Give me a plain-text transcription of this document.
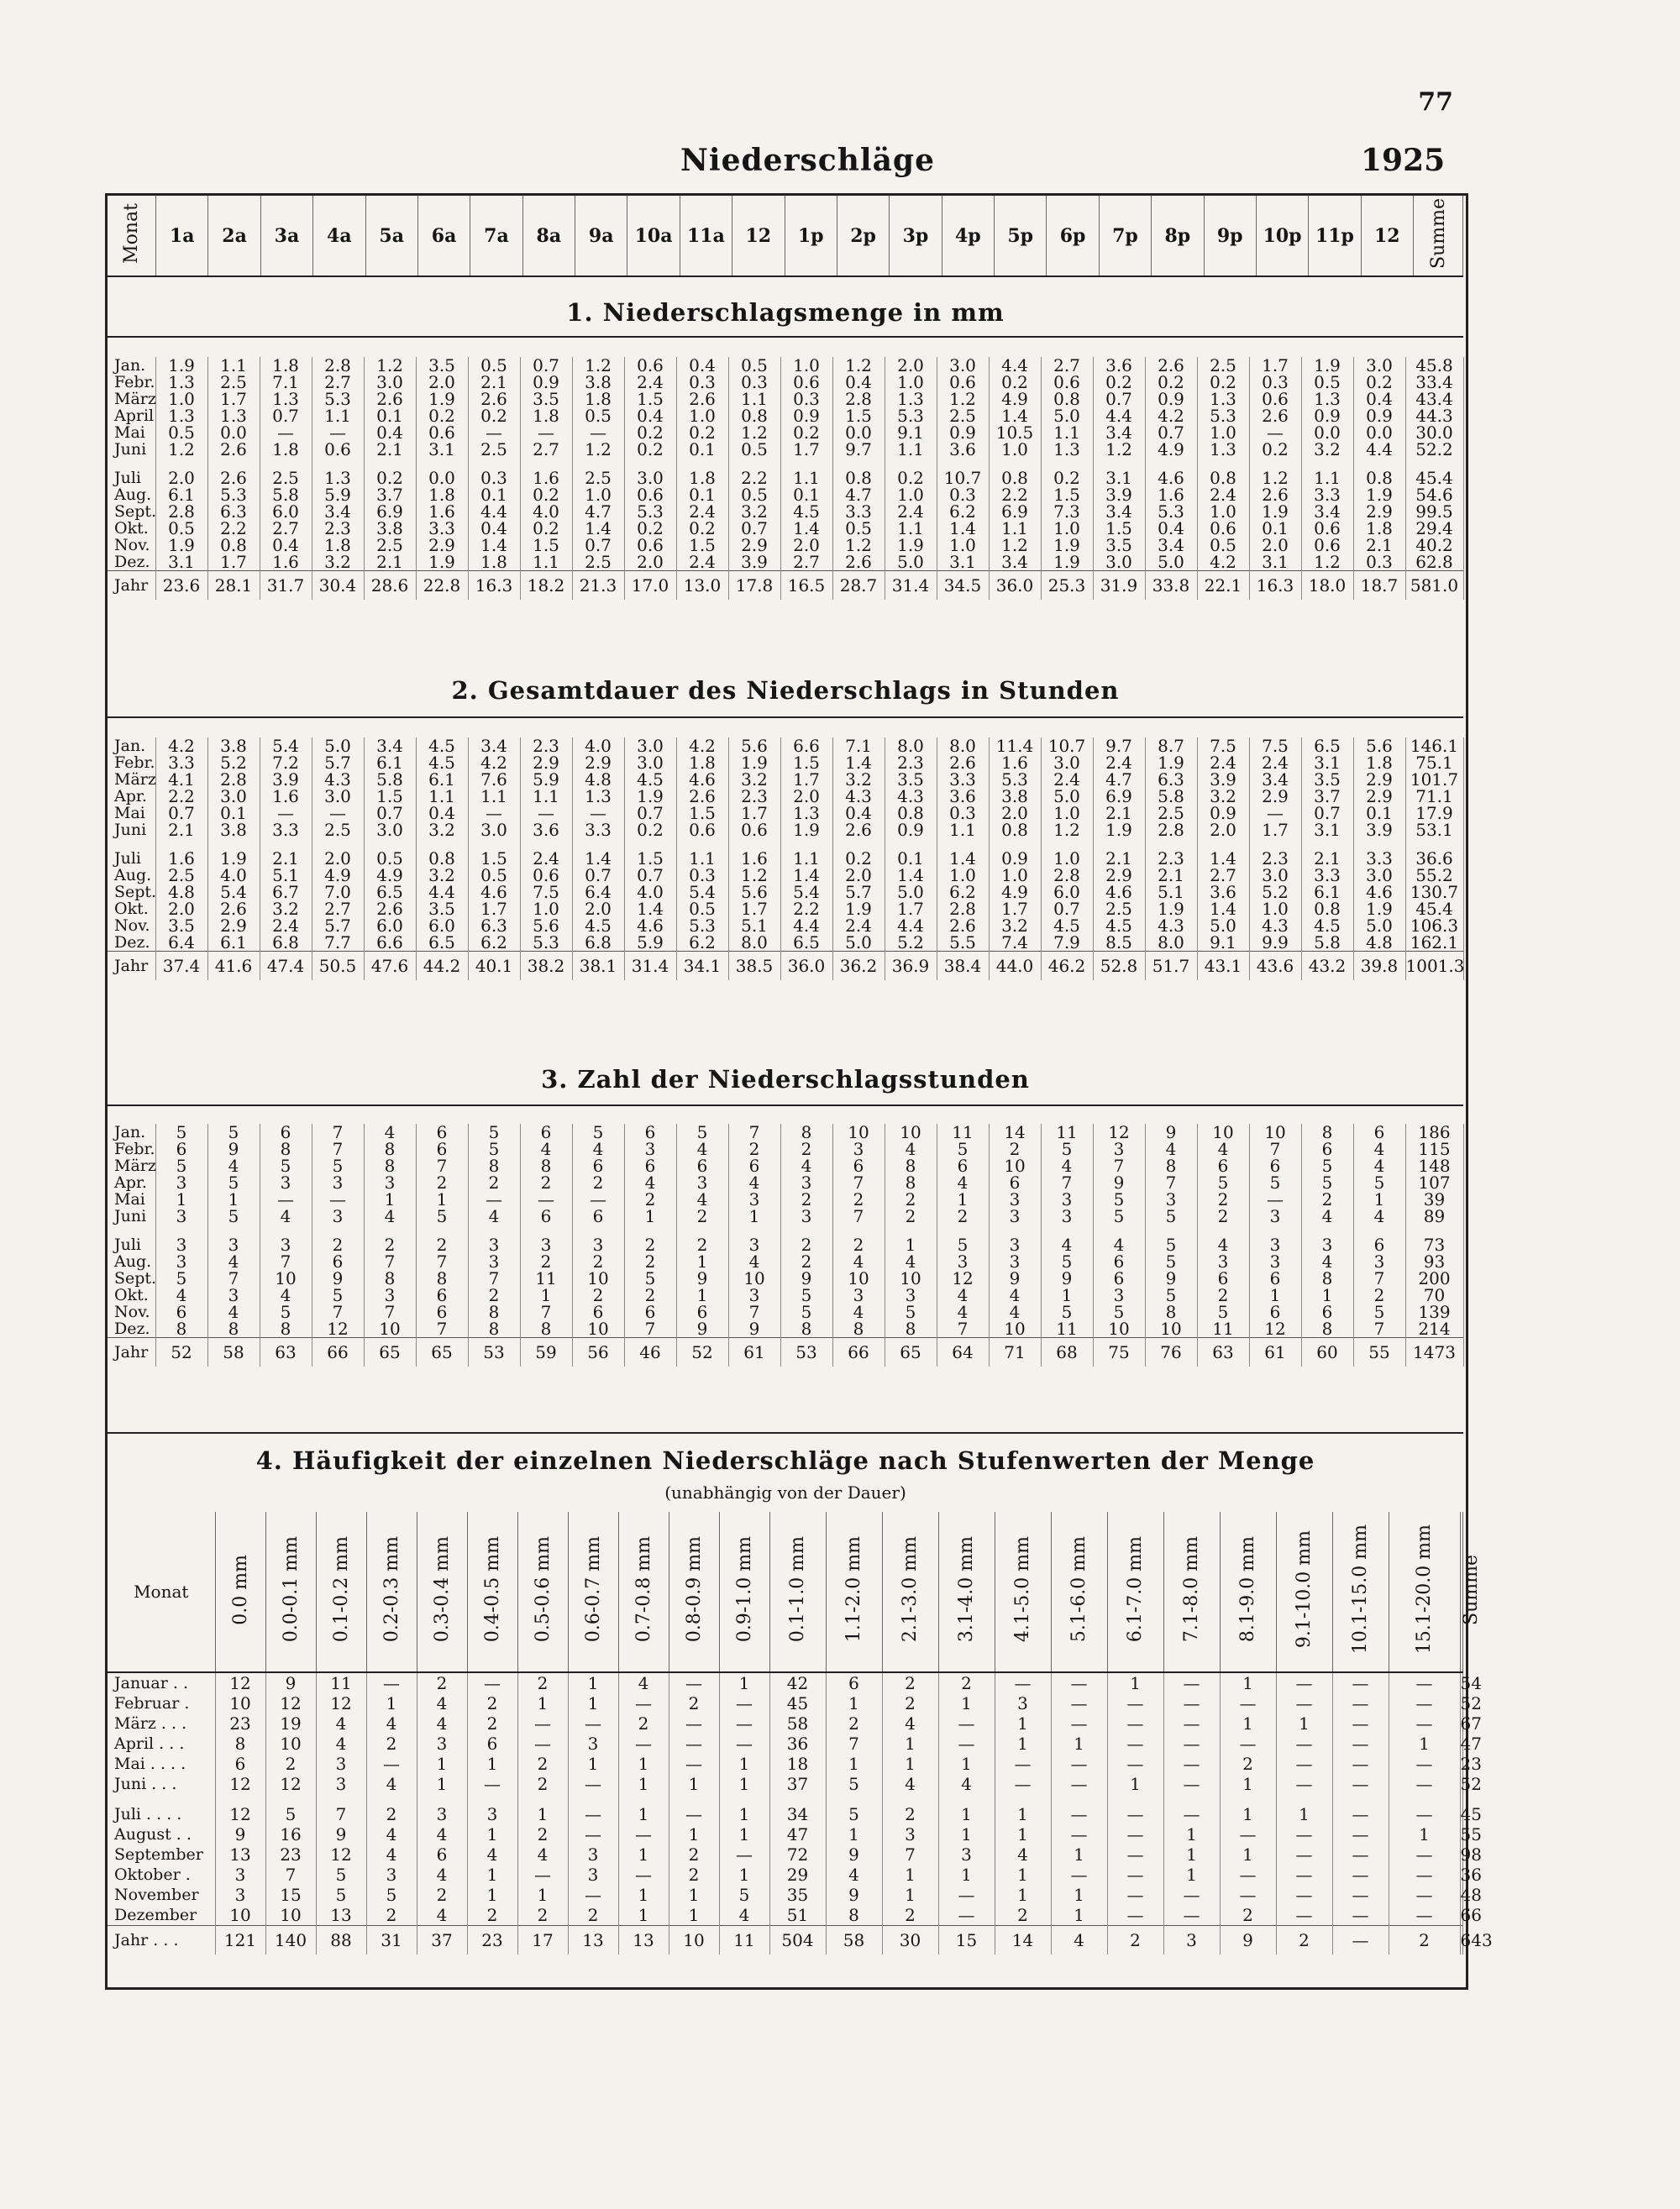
77
Niederschläge	1925
Monat	1a	2a	3a	4a	5a	6a	7a	8a	9a	10a	11a	12	1p	2p	3p	4p	5p	6p	7p	8p	9p	10p	11p	12	Summe
1. Niederschlagsmenge in mm
Jan.	1.9	1.1	1.8	2.8	1.2	3.5	0.5	0.7	1.2	0.6	0.4	0.5	1.0	1.2	2.0	3.0	4.4	2.7	3.6	2.6	2.5	1.7	1.9	3.0	45.8
Febr.	1.3	2.5	7.1	2.7	3.0	2.0	2.1	0.9	3.8	2.4	0.3	0.3	0.6	0.4	1.0	0.6	0.2	0.6	0.2	0.2	0.2	0.3	0.5	0.2	33.4
März	1.0	1.7	1.3	5.3	2.6	1.9	2.6	3.5	1.8	1.5	2.6	1.1	0.3	2.8	1.3	1.2	4.9	0.8	0.7	0.9	1.3	0.6	1.3	0.4	43.4
April	1.3	1.3	0.7	1.1	0.1	0.2	0.2	1.8	0.5	0.4	1.0	0.8	0.9	1.5	5.3	2.5	1.4	5.0	4.4	4.2	5.3	2.6	0.9	0.9	44.3
Mai	0.5	0.0	—	—	0.4	0.6	—	—	—	0.2	0.2	1.2	0.2	0.0	9.1	0.9	10.5	1.1	3.4	0.7	1.0	—	0.0	0.0	30.0
Juni	1.2	2.6	1.8	0.6	2.1	3.1	2.5	2.7	1.2	0.2	0.1	0.5	1.7	9.7	1.1	3.6	1.0	1.3	1.2	4.9	1.3	0.2	3.2	4.4	52.2

Juli	2.0	2.6	2.5	1.3	0.2	0.0	0.3	1.6	2.5	3.0	1.8	2.2	1.1	0.8	0.2	10.7	0.8	0.2	3.1	4.6	0.8	1.2	1.1	0.8	45.4
Aug.	6.1	5.3	5.8	5.9	3.7	1.8	0.1	0.2	1.0	0.6	0.1	0.5	0.1	4.7	1.0	0.3	2.2	1.5	3.9	1.6	2.4	2.6	3.3	1.9	54.6
Sept.	2.8	6.3	6.0	3.4	6.9	1.6	4.4	4.0	4.7	5.3	2.4	3.2	4.5	3.3	2.4	6.2	6.9	7.3	3.4	5.3	1.0	1.9	3.4	2.9	99.5
Okt.	0.5	2.2	2.7	2.3	3.8	3.3	0.4	0.2	1.4	0.2	0.2	0.7	1.4	0.5	1.1	1.4	1.1	1.0	1.5	0.4	0.6	0.1	0.6	1.8	29.4
Nov.	1.9	0.8	0.4	1.8	2.5	2.9	1.4	1.5	0.7	0.6	1.5	2.9	2.0	1.2	1.9	1.0	1.2	1.9	3.5	3.4	0.5	2.0	0.6	2.1	40.2
Dez.	3.1	1.7	1.6	3.2	2.1	1.9	1.8	1.1	2.5	2.0	2.4	3.9	2.7	2.6	5.0	3.1	3.4	1.9	3.0	5.0	4.2	3.1	1.2	0.3	62.8
Jahr	23.6	28.1	31.7	30.4	28.6	22.8	16.3	18.2	21.3	17.0	13.0	17.8	16.5	28.7	31.4	34.5	36.0	25.3	31.9	33.8	22.1	16.3	18.0	18.7	581.0
2. Gesamtdauer des Niederschlags in Stunden
Jan.	4.2	3.8	5.4	5.0	3.4	4.5	3.4	2.3	4.0	3.0	4.2	5.6	6.6	7.1	8.0	8.0	11.4	10.7	9.7	8.7	7.5	7.5	6.5	5.6	146.1
Febr.	3.3	5.2	7.2	5.7	6.1	4.5	4.2	2.9	2.9	3.0	1.8	1.9	1.5	1.4	2.3	2.6	1.6	3.0	2.4	1.9	2.4	2.4	3.1	1.8	75.1
März	4.1	2.8	3.9	4.3	5.8	6.1	7.6	5.9	4.8	4.5	4.6	3.2	1.7	3.2	3.5	3.3	5.3	2.4	4.7	6.3	3.9	3.4	3.5	2.9	101.7
Apr.	2.2	3.0	1.6	3.0	1.5	1.1	1.1	1.1	1.3	1.9	2.6	2.3	2.0	4.3	4.3	3.6	3.8	5.0	6.9	5.8	3.2	2.9	3.7	2.9	71.1
Mai	0.7	0.1	—	—	0.7	0.4	—	—	—	0.7	1.5	1.7	1.3	0.4	0.8	0.3	2.0	1.0	2.1	2.5	0.9	—	0.7	0.1	17.9
Juni	2.1	3.8	3.3	2.5	3.0	3.2	3.0	3.6	3.3	0.2	0.6	0.6	1.9	2.6	0.9	1.1	0.8	1.2	1.9	2.8	2.0	1.7	3.1	3.9	53.1

Juli	1.6	1.9	2.1	2.0	0.5	0.8	1.5	2.4	1.4	1.5	1.1	1.6	1.1	0.2	0.1	1.4	0.9	1.0	2.1	2.3	1.4	2.3	2.1	3.3	36.6
Aug.	2.5	4.0	5.1	4.9	4.9	3.2	0.5	0.6	0.7	0.7	0.3	1.2	1.4	2.0	1.4	1.0	1.0	2.8	2.9	2.1	2.7	3.0	3.3	3.0	55.2
Sept.	4.8	5.4	6.7	7.0	6.5	4.4	4.6	7.5	6.4	4.0	5.4	5.6	5.4	5.7	5.0	6.2	4.9	6.0	4.6	5.1	3.6	5.2	6.1	4.6	130.7
Okt.	2.0	2.6	3.2	2.7	2.6	3.5	1.7	1.0	2.0	1.4	0.5	1.7	2.2	1.9	1.7	2.8	1.7	0.7	2.5	1.9	1.4	1.0	0.8	1.9	45.4
Nov.	3.5	2.9	2.4	5.7	6.0	6.0	6.3	5.6	4.5	4.6	5.3	5.1	4.4	2.4	4.4	2.6	3.2	4.5	4.5	4.3	5.0	4.3	4.5	5.0	106.3
Dez.	6.4	6.1	6.8	7.7	6.6	6.5	6.2	5.3	6.8	5.9	6.2	8.0	6.5	5.0	5.2	5.5	7.4	7.9	8.5	8.0	9.1	9.9	5.8	4.8	162.1
Jahr	37.4	41.6	47.4	50.5	47.6	44.2	40.1	38.2	38.1	31.4	34.1	38.5	36.0	36.2	36.9	38.4	44.0	46.2	52.8	51.7	43.1	43.6	43.2	39.8	1001.3
3. Zahl der Niederschlagsstunden
Jan.	5	5	6	7	4	6	5	6	5	6	5	7	8	10	10	11	14	11	12	9	10	10	8	6	186
Febr.	6	9	8	7	8	6	5	4	4	3	4	2	2	3	4	5	2	5	3	4	4	7	6	4	115
März	5	4	5	5	8	7	8	8	6	6	6	6	4	6	8	6	10	4	7	8	6	6	5	4	148
Apr.	3	5	3	3	3	2	2	2	2	4	3	4	3	7	8	4	6	7	9	7	5	5	5	5	107
Mai	1	1	—	—	1	1	—	—	—	2	4	3	2	2	2	1	3	3	5	3	2	—	2	1	39
Juni	3	5	4	3	4	5	4	6	6	1	2	1	3	7	2	2	3	3	5	5	2	3	4	4	89

Juli	3	3	3	2	2	2	3	3	3	2	2	3	2	2	1	5	3	4	4	5	4	3	3	6	73
Aug.	3	4	7	6	7	7	3	2	2	2	1	4	2	4	4	3	3	5	6	5	3	3	4	3	93
Sept.	5	7	10	9	8	8	7	11	10	5	9	10	9	10	10	12	9	9	6	9	6	6	8	7	200
Okt.	4	3	4	5	3	6	2	1	2	2	1	3	5	3	3	4	4	1	3	5	2	1	1	2	70
Nov.	6	4	5	7	7	6	8	7	6	6	6	7	5	4	5	4	4	5	5	8	5	6	6	5	139
Dez.	8	8	8	12	10	7	8	8	10	7	9	9	8	8	8	7	10	11	10	10	11	12	8	7	214
Jahr	52	58	63	66	65	65	53	59	56	46	52	61	53	66	65	64	71	68	75	76	63	61	60	55	1473
4. Häufigkeit der einzelnen Niederschläge nach Stufenwerten der Menge
(unabhängig von der Dauer)
Monat	0.0 mm	0.0-0.1 mm	0.1-0.2 mm	0.2-0.3 mm	0.3-0.4 mm	0.4-0.5 mm	0.5-0.6 mm	0.6-0.7 mm	0.7-0.8 mm	0.8-0.9 mm	0.9-1.0 mm	0.1-1.0 mm	1.1-2.0 mm	2.1-3.0 mm	3.1-4.0 mm	4.1-5.0 mm	5.1-6.0 mm	6.1-7.0 mm	7.1-8.0 mm	8.1-9.0 mm	9.1-10.0 mm	10.1-15.0 mm	15.1-20.0 mm	Summe
Januar . .	12	9	11	—	2	—	2	1	4	—	1	42	6	2	2	—	—	1	—	1	—	—	—	54
Februar .	10	12	12	1	4	2	1	1	—	2	—	45	1	2	1	3	—	—	—	—	—	—	—	52
März . . .	23	19	4	4	4	2	—	—	2	—	—	58	2	4	—	1	—	—	—	1	1	—	—	67
April . . .	8	10	4	2	3	6	—	3	—	—	—	36	7	1	—	1	1	—	—	—	—	—	1	47
Mai . . . .	6	2	3	—	1	1	2	1	1	—	1	18	1	1	1	—	—	—	—	2	—	—	—	23
Juni . . .	12	12	3	4	1	—	2	—	1	1	1	37	5	4	4	—	—	1	—	1	—	—	—	52

Juli . . . .	12	5	7	2	3	3	1	—	1	—	1	34	5	2	1	1	—	—	—	1	1	—	—	45
August . .	9	16	9	4	4	1	2	—	—	1	1	47	1	3	1	1	—	—	1	—	—	—	1	55
September	13	23	12	4	6	4	4	3	1	2	—	72	9	7	3	4	1	—	1	1	—	—	—	98
Oktober .	3	7	5	3	4	1	—	3	—	2	1	29	4	1	1	1	—	—	1	—	—	—	—	36
November	3	15	5	5	2	1	1	—	1	1	5	35	9	1	—	1	1	—	—	—	—	—	—	48
Dezember	10	10	13	2	4	2	2	2	1	1	4	51	8	2	—	2	1	—	—	2	—	—	—	66
Jahr . . .	121	140	88	31	37	23	17	13	13	10	11	504	58	30	15	14	4	2	3	9	2	—	2	643
